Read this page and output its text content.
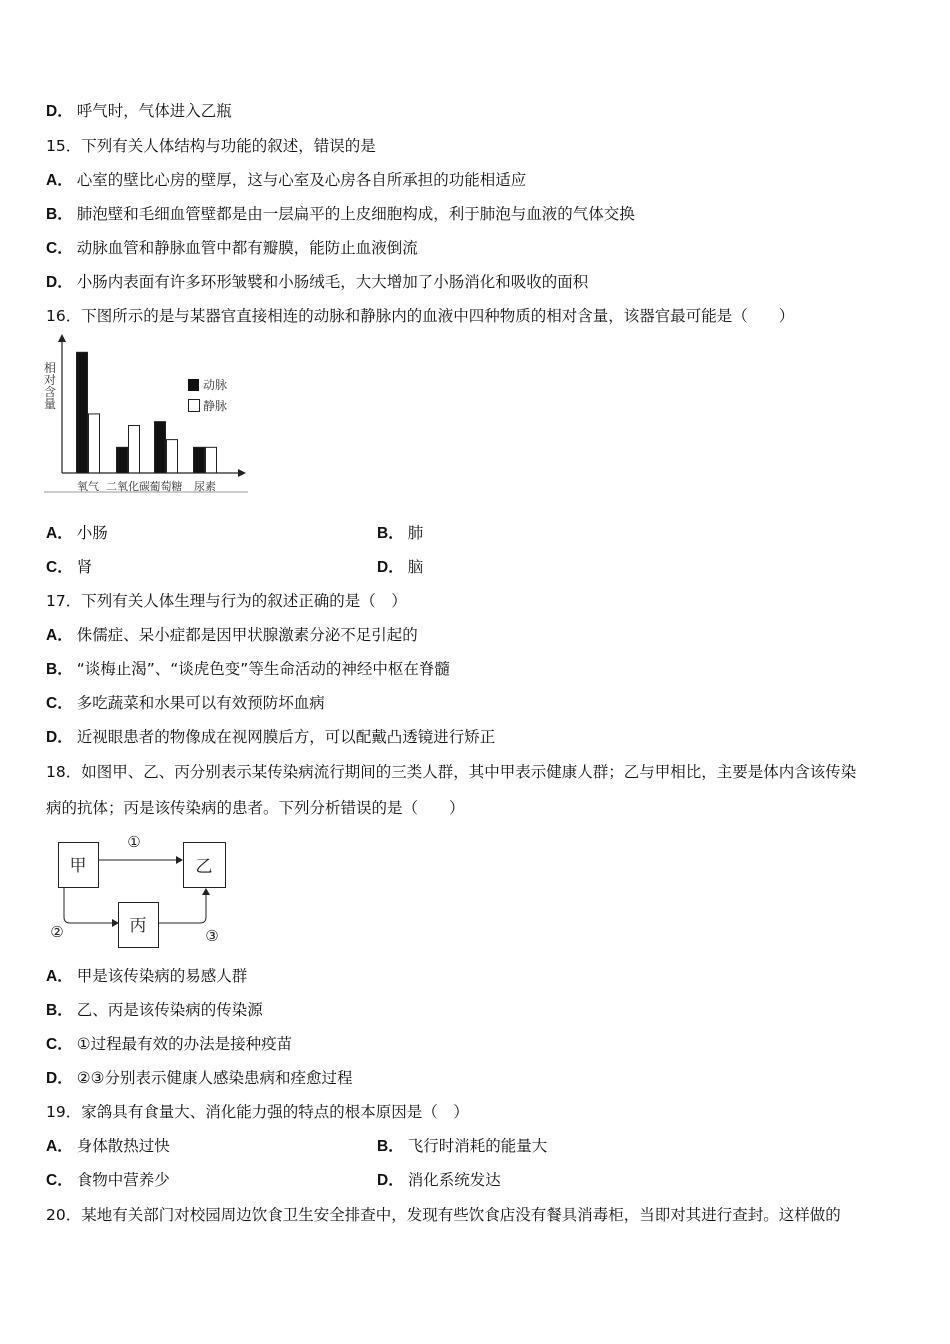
D． 呼气时，气体进入乙瓶
15．下列有关人体结构与功能的叙述，错误的是
A． 心室的壁比心房的壁厚，这与心室及心房各自所承担的功能相适应
B． 肺泡壁和毛细血管壁都是由一层扁平的上皮细胞构成，利于肺泡与血液的气体交换
C． 动脉血管和静脉血管中都有瓣膜，能防止血液倒流
D． 小肠内表面有许多环形皱襞和小肠绒毛，大大增加了小肠消化和吸收的面积
16．下图所示的是与某器官直接相连的动脉和静脉内的血液中四种物质的相对含量，该器官最可能是（　　）
相
对
含
量
动脉
静脉
氧气 二氧化碳 葡萄糖 尿素
A． 小肠	B． 肺
C． 肾	D． 脑
17．下列有关人体生理与行为的叙述正确的是（　）
A． 侏儒症、呆小症都是因甲状腺激素分泌不足引起的
B． “谈梅止渴”、“谈虎色变”等生命活动的神经中枢在脊髓
C． 多吃蔬菜和水果可以有效预防坏血病
D． 近视眼患者的物像成在视网膜后方，可以配戴凸透镜进行矫正
18．如图甲、乙、丙分别表示某传染病流行期间的三类人群，其中甲表示健康人群；乙与甲相比，主要是体内含该传染
病的抗体；丙是该传染病的患者。下列分析错误的是（　　）
甲	乙
丙
①
②	③
A． 甲是该传染病的易感人群
B． 乙、丙是该传染病的传染源
C． ①过程最有效的办法是接种疫苗
D． ②③分别表示健康人感染患病和痊愈过程
19．家鸽具有食量大、消化能力强的特点的根本原因是（　）
A． 身体散热过快	B． 飞行时消耗的能量大
C． 食物中营养少	D． 消化系统发达
20．某地有关部门对校园周边饮食卫生安全排查中，发现有些饮食店没有餐具消毒柜，当即对其进行查封。这样做的
